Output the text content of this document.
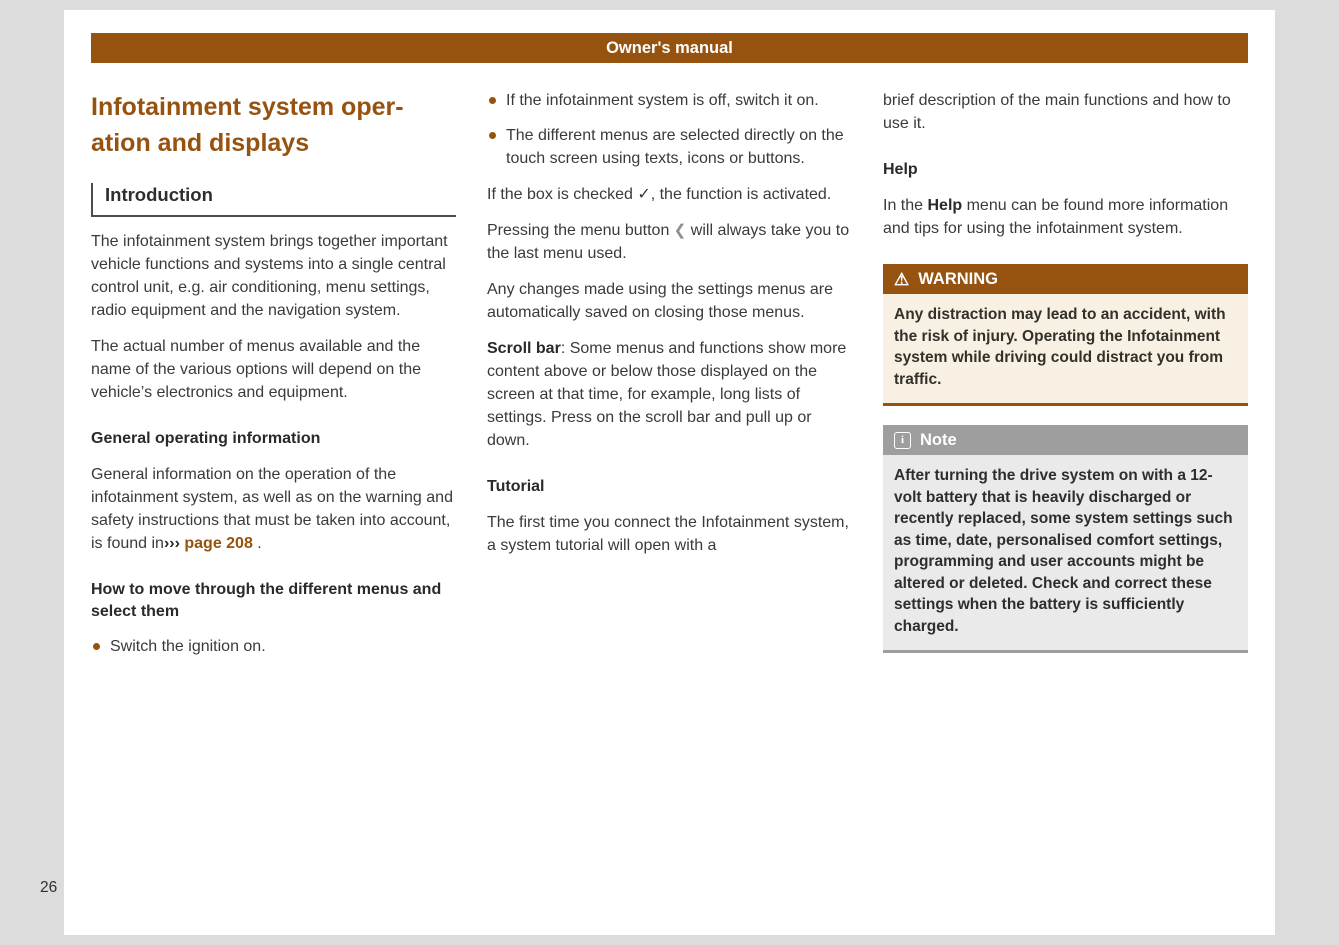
Owner's manual
Infotainment system oper-
ation and displays
Introduction

The infotainment system brings together important vehicle functions and systems into a single central control unit, e.g. air conditioning, menu settings, radio equipment and the navigation system.

The actual number of menus available and the name of the various options will depend on the vehicle’s electronics and equipment.

General operating information

General information on the operation of the infotainment system, as well as on the warning and safety instructions that must be taken into account, is found in››› page 208 .

How to move through the different menus and select them
Switch the ignition on.
If the infotainment system is off, switch it on.
The different menus are selected directly on the touch screen using texts, icons or buttons.

If the box is checked ✓, the function is activated.

Pressing the menu button ❮ will always take you to the last menu used.

Any changes made using the settings menus are automatically saved on closing those menus.

Scroll bar: Some menus and functions show more content above or below those displayed on the screen at that time, for example, long lists of settings. Press on the scroll bar and pull up or down.

Tutorial

The first time you connect the Infotainment system, a system tutorial will open with a

brief description of the main functions and how to use it.

Help

In the Help menu can be found more information and tips for using the infotainment system.

⚠ WARNING
Any distraction may lead to an accident, with the risk of injury. Operating the Infotainment system while driving could distract you from traffic.
i Note
After turning the drive system on with a 12-volt battery that is heavily discharged or recently replaced, some system settings such as time, date, personalised comfort settings, programming and user accounts might be altered or deleted. Check and correct these settings when the battery is sufficiently charged.
26
